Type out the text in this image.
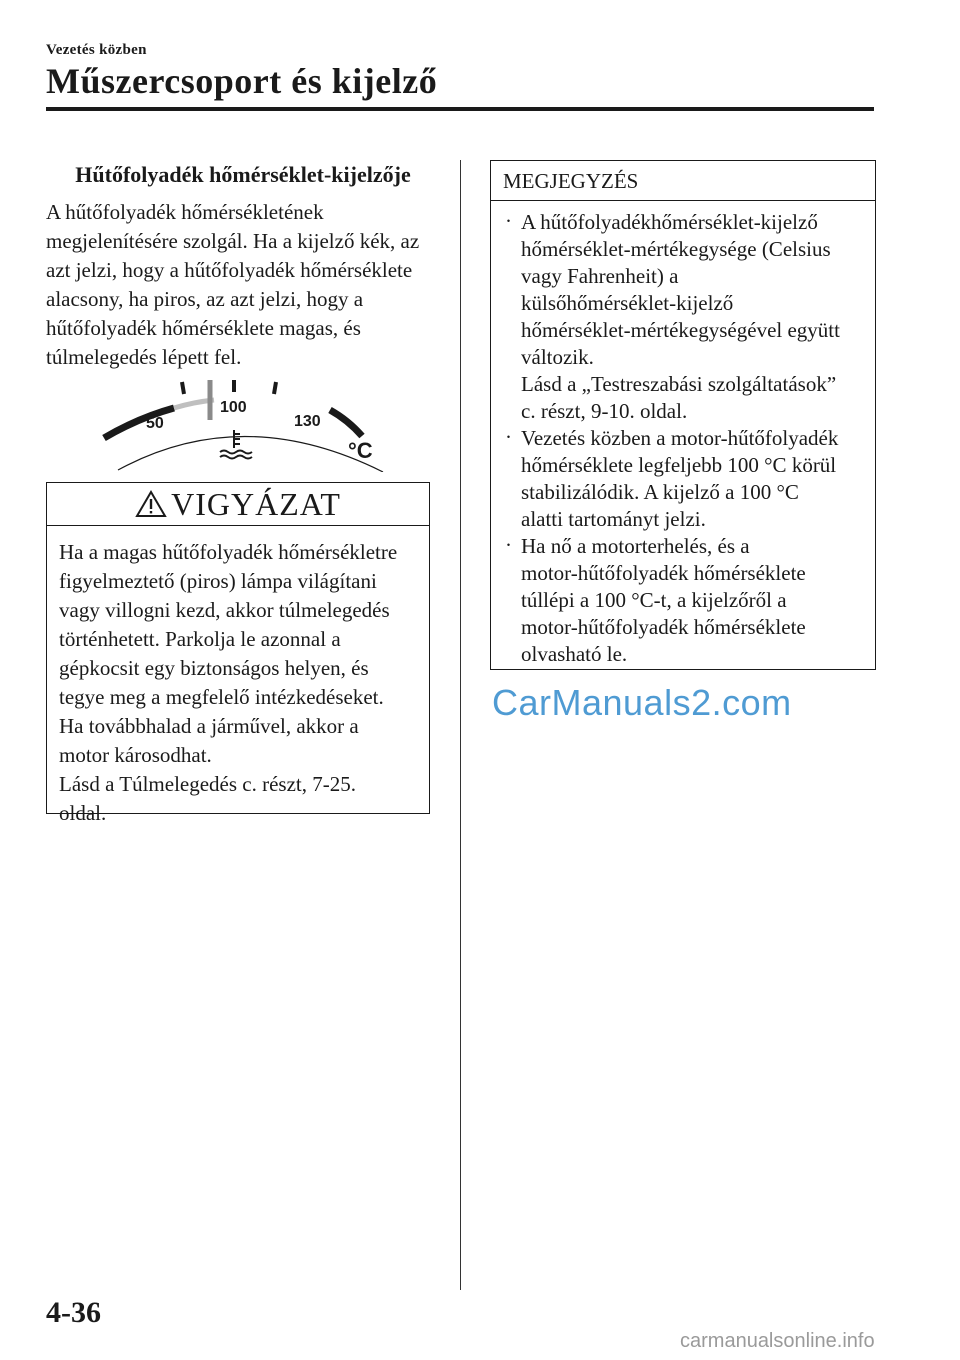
Vezetés közben
Műszercsoport és kijelző
Hűtőfolyadék hőmérséklet-kijelzője

A hűtőfolyadék hőmérsékletének megjelenítésére szolgál. Ha a kijelző kék, az azt jelzi, hogy a hűtőfolyadék hőmérséklete alacsony, ha piros, az azt jelzi, hogy a hűtőfolyadék hőmérséklete magas, és túlmelegedés lépett fel.

50
100
130
°C
VIGYÁZAT

Ha a magas hűtőfolyadék hőmérsékletre

figyelmeztető (piros) lámpa világítani

vagy villogni kezd, akkor túlmelegedés

történhetett. Parkolja le azonnal a

gépkocsit egy biztonságos helyen, és

tegye meg a megfelelő intézkedéseket.

Ha továbbhalad a járművel, akkor a

motor károsodhat.

Lásd a Túlmelegedés c. részt, 7-25.

oldal.

MEGJEGYZÉS
· A hűtőfolyadékhőmérséklet-kijelző
hőmérséklet-mértékegysége (Celsius
vagy Fahrenheit) a
külsőhőmérséklet-kijelző
hőmérséklet-mértékegységével együtt
változik.
Lásd a „Testreszabási szolgáltatások”
c. részt, 9-10. oldal.
· Vezetés közben a motor-hűtőfolyadék
hőmérséklete legfeljebb 100 °C körül
stabilizálódik. A kijelző a 100 °C
alatti tartományt jelzi.
· Ha nő a motorterhelés, és a
motor-hűtőfolyadék hőmérséklete
túllépi a 100 °C-t, a kijelzőről a
motor-hűtőfolyadék hőmérséklete
olvasható le.
CarManuals2.com
4-36
carmanualsonline.info
